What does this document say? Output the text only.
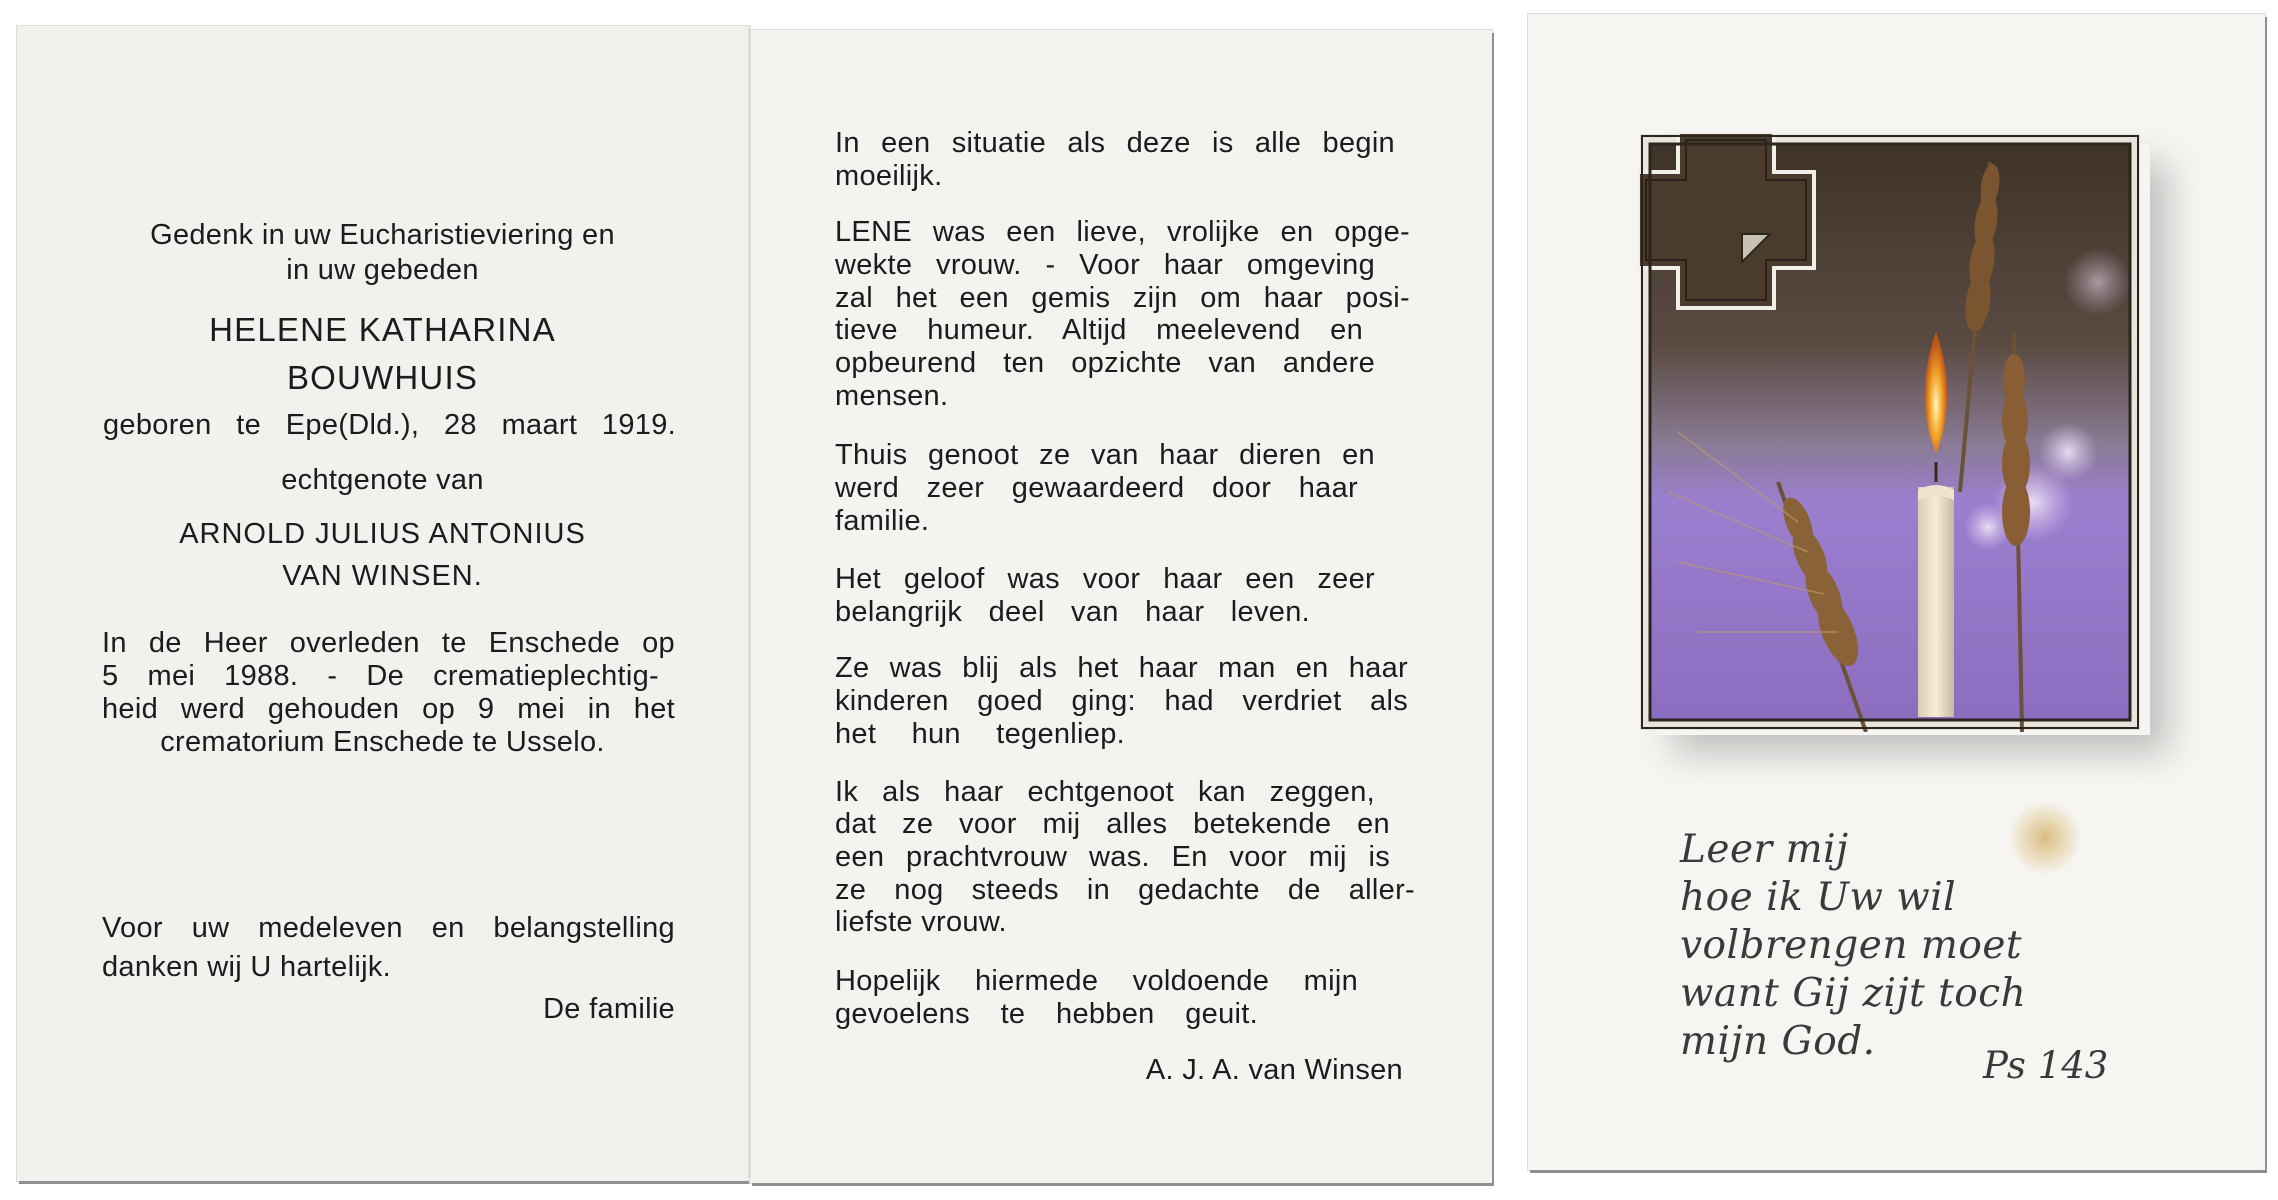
Gedenk in uw Eucharistieviering en

in uw gebeden

HELENE KATHARINA

BOUWHUIS

geboren te Epe(Dld.), 28 maart 1919.

echtgenote van

ARNOLD JULIUS ANTONIUS

VAN WINSEN.

In de Heer overleden te Enschede op

5 mei 1988. - De crematieplechtig-

heid werd gehouden op 9 mei in het

crematorium Enschede te Usselo.

Voor uw medeleven en belangstelling

danken wij U hartelijk.

De familie

In een situatie als deze is alle begin

moeilijk.

LENE was een lieve, vrolijke en opge-

wekte vrouw. - Voor haar omgeving

zal het een gemis zijn om haar posi-

tieve humeur. Altijd meelevend en

opbeurend ten opzichte van andere

mensen.

Thuis genoot ze van haar dieren en

werd zeer gewaardeerd door haar

familie.

Het geloof was voor haar een zeer

belangrijk deel van haar leven.

Ze was blij als het haar man en haar

kinderen goed ging: had verdriet als

het hun tegenliep.

Ik als haar echtgenoot kan zeggen,

dat ze voor mij alles betekende en

een prachtvrouw was. En voor mij is

ze nog steeds in gedachte de aller-

liefste vrouw.

Hopelijk hiermede voldoende mijn

gevoelens te hebben geuit.

A. J. A. van Winsen

Leer mij
hoe ik Uw wil
volbrengen moet
want Gij zijt toch
mijn God.

Ps 143
